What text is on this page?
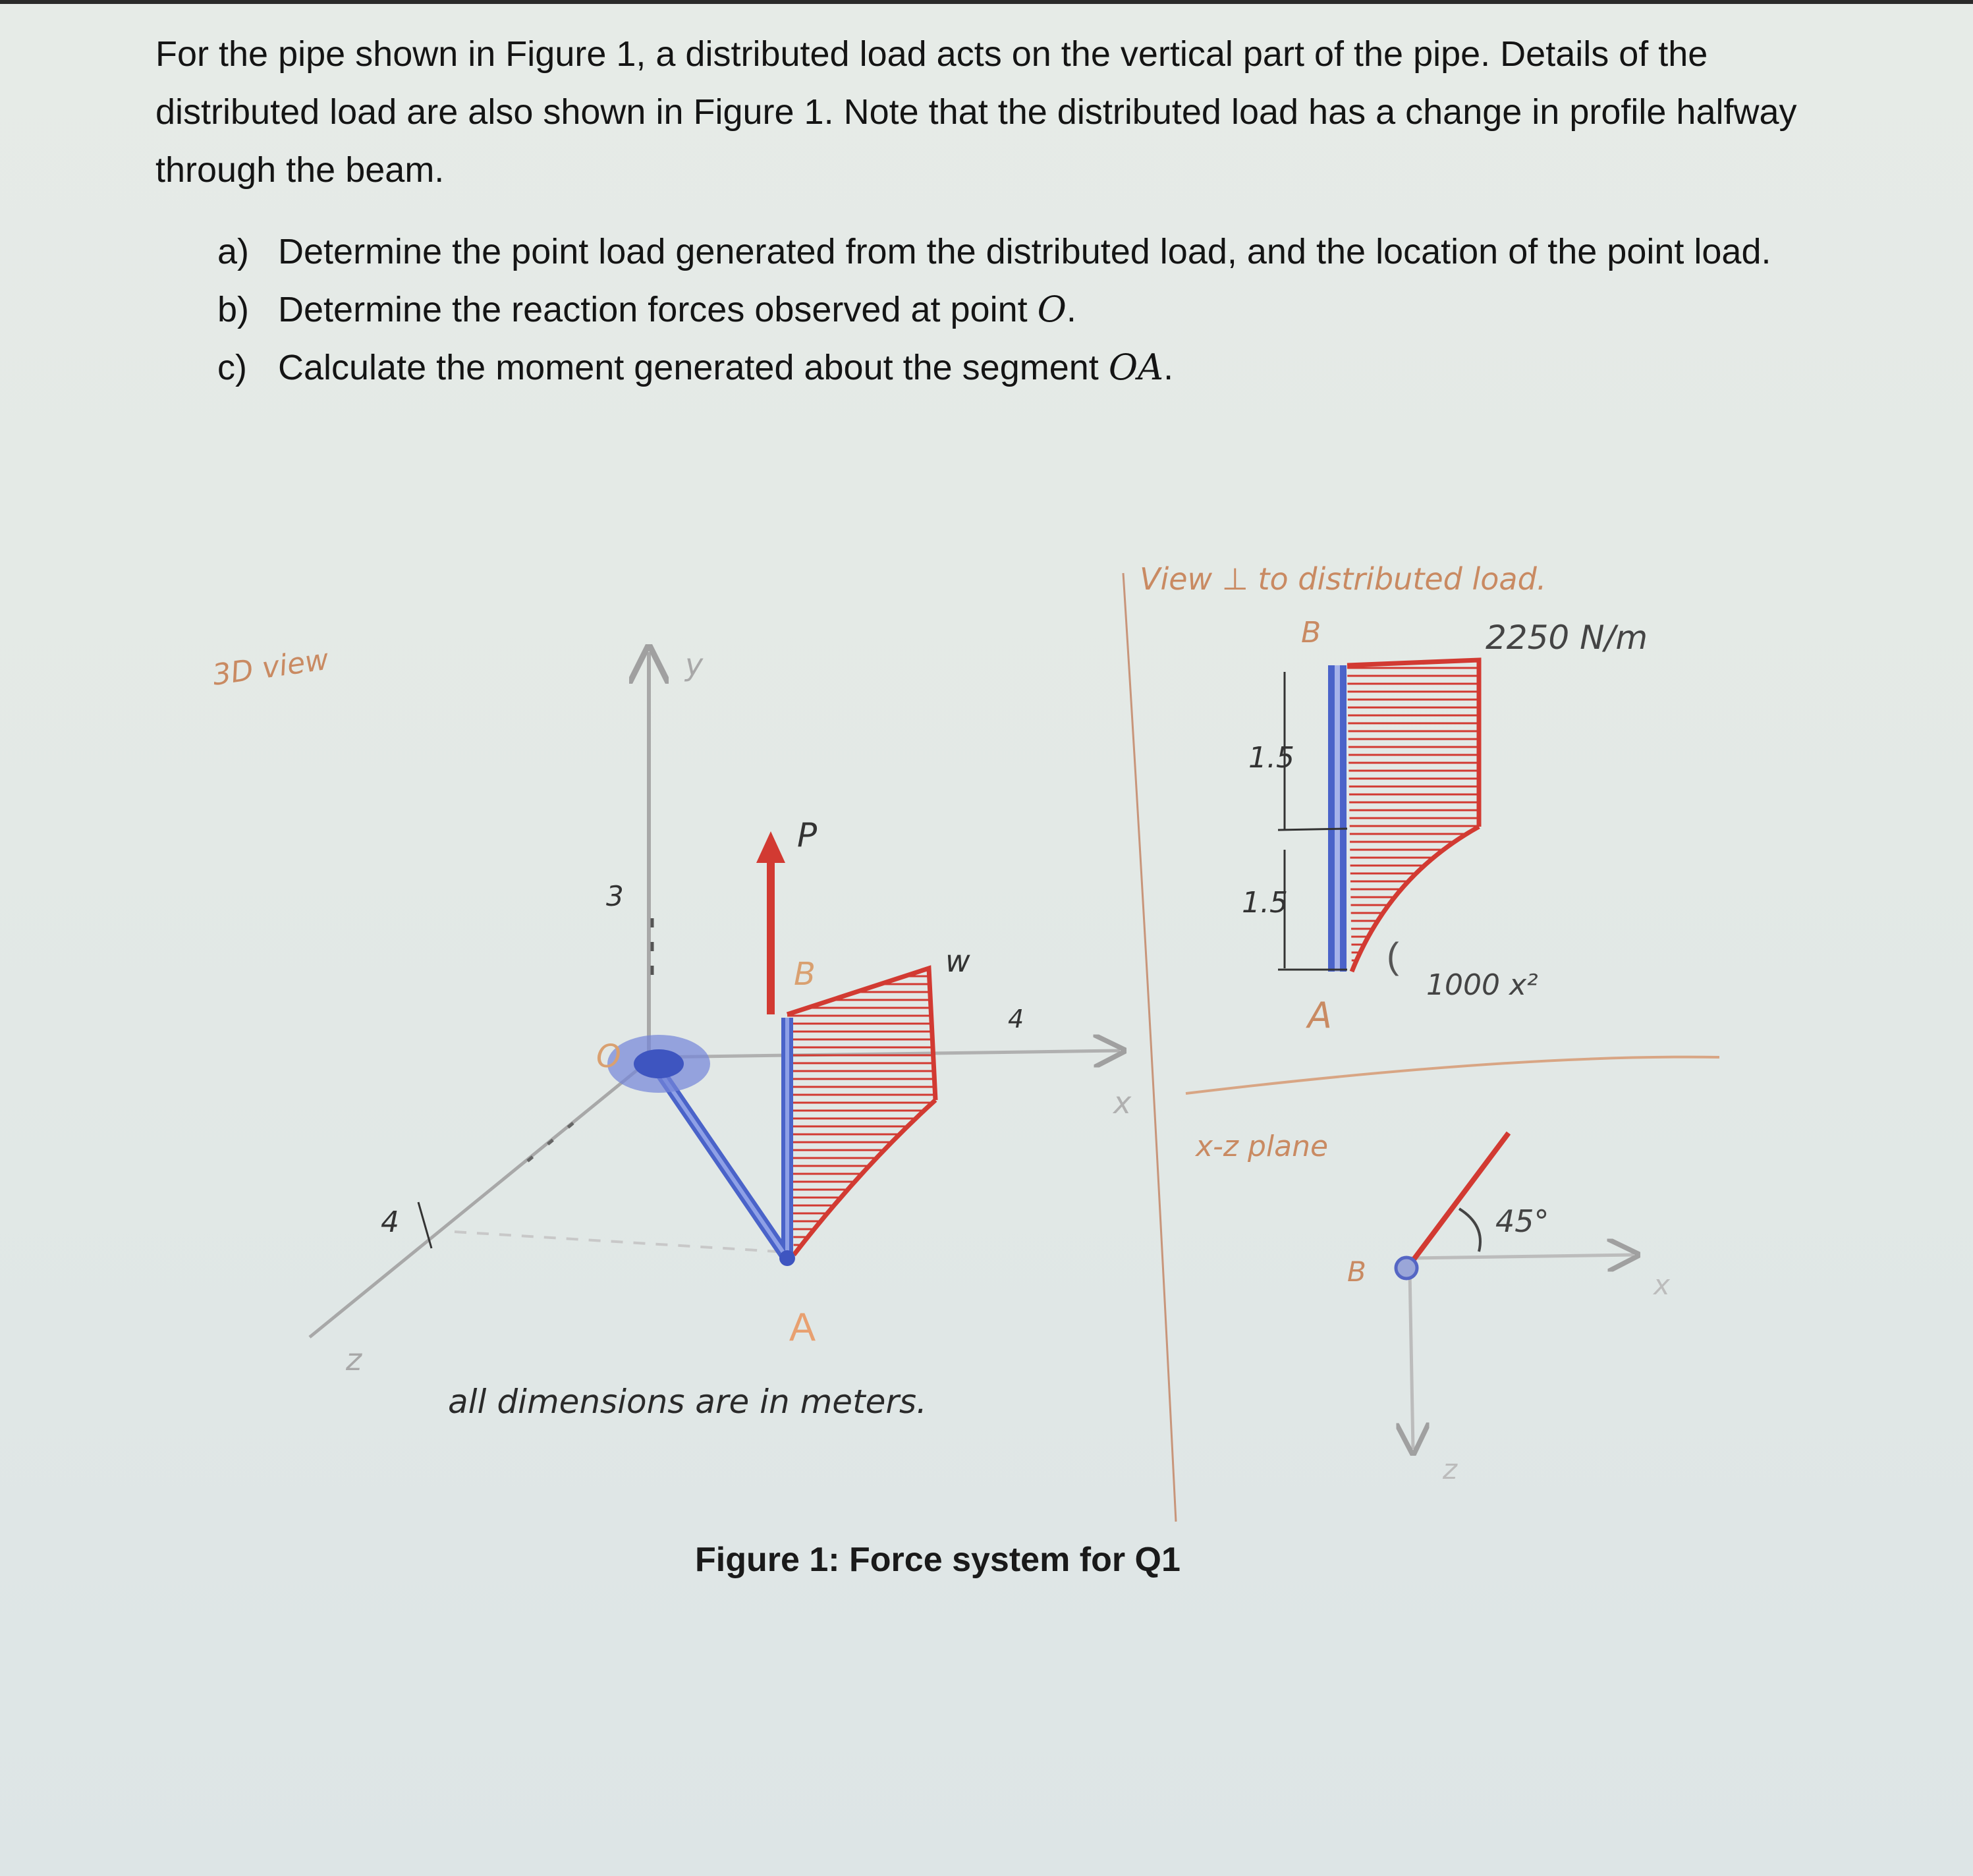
For the pipe shown in Figure 1, a distributed load acts on the vertical part of the pipe. Details of the distributed load are also shown in Figure 1. Note that the distributed load has a change in profile halfway through the beam.

a) Determine the point load generated from the distributed load, and the location of the point load.
b) Determine the reaction forces observed at point O.
c) Calculate the moment generated about the segment OA.
3D view	y
x
z
3
4
4
w
P
O
B
A
all dimensions are in meters.
View ⊥ to distributed load.
B	2250 N/m
1.5
1.5
A
(
1000 x²
x-z plane
x
z
B
45°

Figure 1: Force system for Q1
